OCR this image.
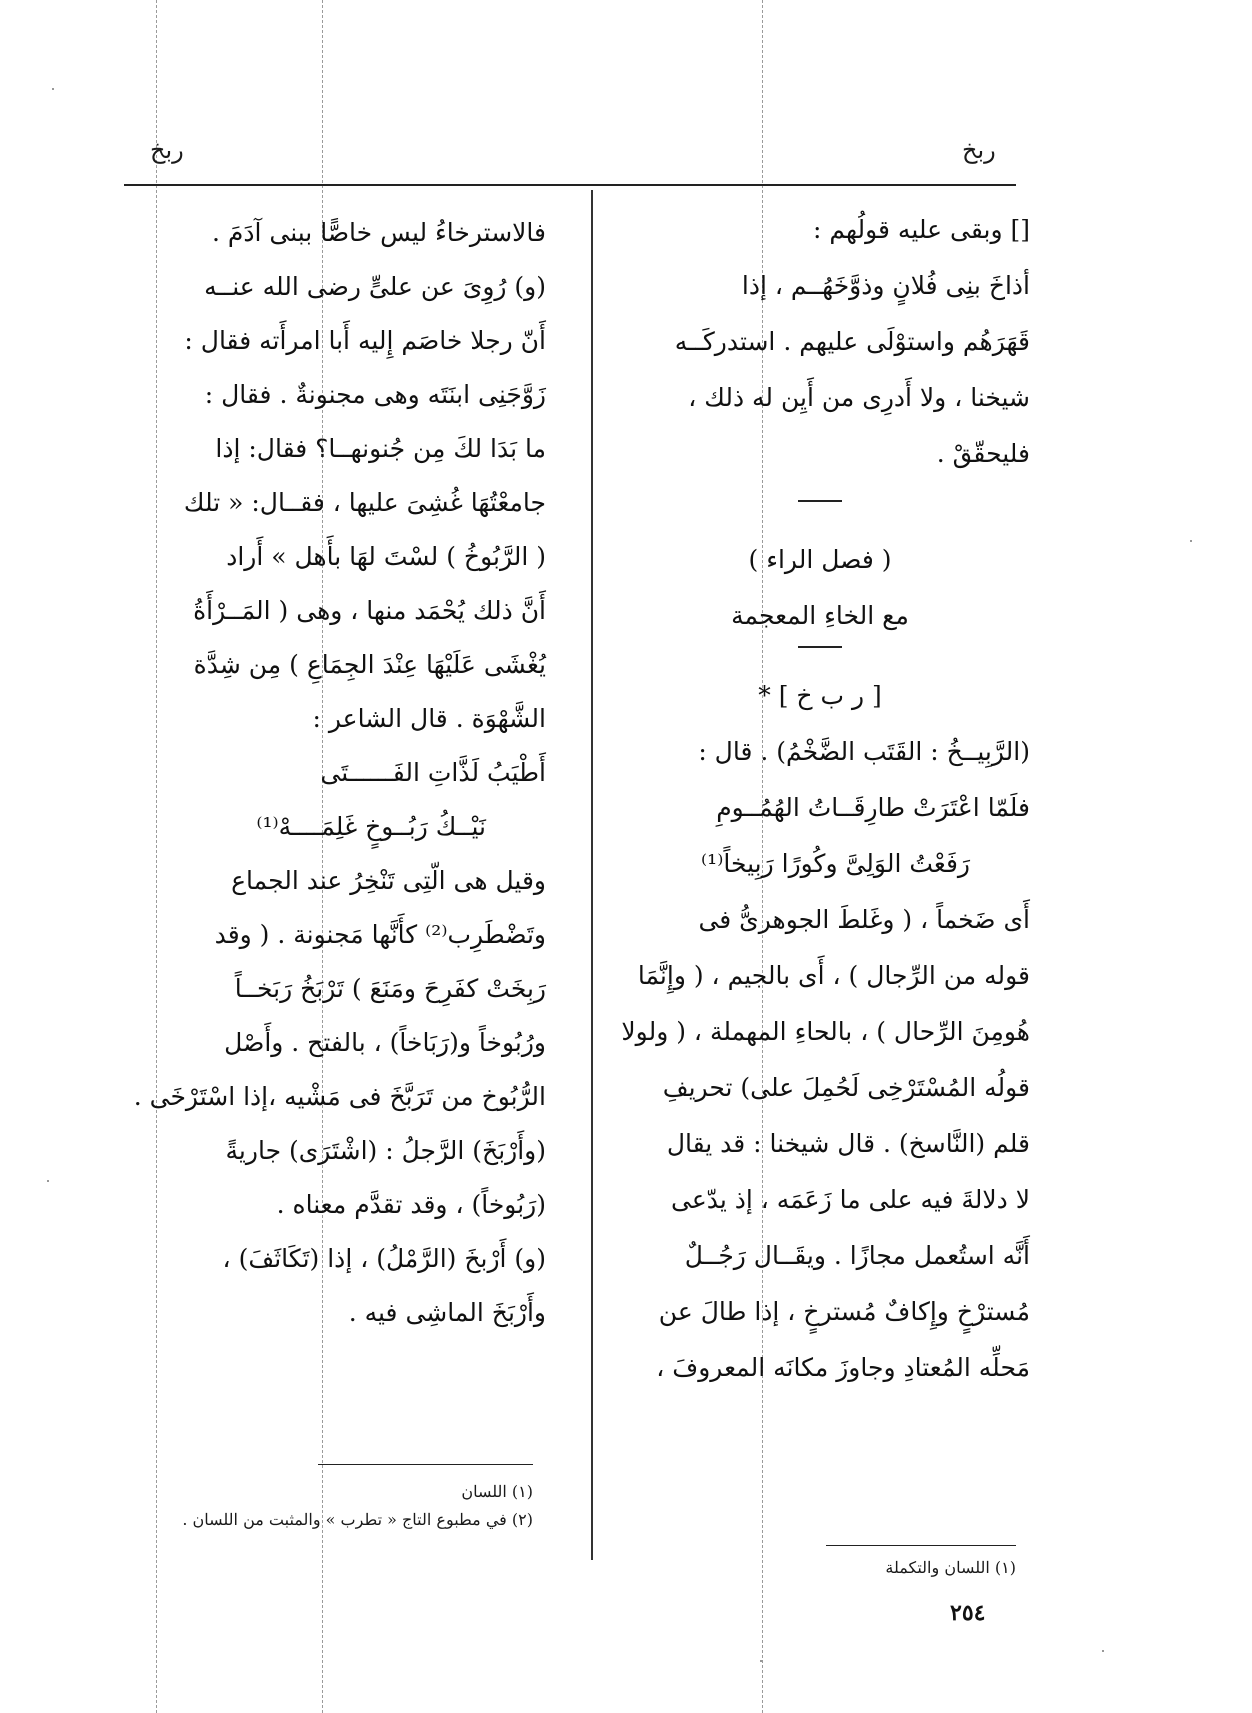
ربخ
ربخ

[] وبقى عليه قولُهم :

أذاخَ بنِى فُلانٍ وذوَّخَهُــم ، إذا

قَهَرَهُم واستوْلَى عليهم . استدركَــه

شيخنا ، ولا أَدرِى من أَيِن له ذلك ،

فليحقّقْ .

( فصل الراء )

مع الخاءِ المعجمة

[ ر ب خ ] *

(الرَّبِيــخُ : القَتَب الضَّخْمُ) . قال :

فلَمّا اعْتَرَتْ طارِقَــاتُ الهُمُــومِ

رَفَعْتُ الوَلِىَّ وكُورًا رَبِيخاً⁽¹⁾

أَى ضَخماً ، ( وغَلطَ الجوهرىُّ فى

قوله من الرِّجال ) ، أَى بالجيم ، ( وإِنَّمَا

هُومِنَ الرِّحال ) ، بالحاءِ المهملة ، ( ولولا

قولُه المُسْتَرْخِى لَحُمِلَ على) تحريفِ

قلم (النَّاسخ) . قال شيخنا : قد يقال

لا دلالةَ فيه على ما زَعَمَه ، إذ يدّعى

أَنَّه استُعمل مجازًا . ويقَــال رَجُــلٌ

مُسترْخٍ وإِكافٌ مُسترخٍ ، إذا طالَ عن

مَحلِّه المُعتادِ وجاوزَ مكانَه المعروفَ ،

فالاسترخاءُ ليس خاصًّا ببنى آدَمَ .

(و) رُوِىَ عن علىٍّ رضى الله عنــه

أَنّ رجلا خاصَم إِليه أَبا امرأَته فقال :

زَوَّجَنِى ابنَتَه وهى مجنونةٌ . فقال :

ما بَدَا لكَ مِن جُنونهــا؟ فقال: إذا

جامعْتُهَا غُشِىَ عليها ، فقــال: « تلك

( الرَّبُوخُ ) لسْتَ لهَا بأَهل » أَراد

أَنَّ ذلك يُحْمَد منها ، وهى ( المَــرْأَةُ

يُغْشَى عَلَيْهَا عِنْدَ الجِمَاعِ ) مِن شِدَّة

الشَّهْوَة . قال الشاعر :

أَطْيَبُ لَذَّاتِ الفَــــــتَى

نَيْــكُ رَبُــوخٍ غَلِمَــــهْ⁽¹⁾

وقيل هى الّتِى تَنْخِرُ عند الجماع

وتَضْطَرِب⁽²⁾ كأَنَّها مَجنونة . ( وقد

رَبِخَتْ كفَرِحَ ومَنَعَ ) تَرْبَخُ رَبَخــاً

ورُبُوخاً و(رَبَاخاً) ، بالفتح . وأَصْل

الرُّبُوخ من تَرَبَّخَ فى مَشْيه ،إذا اسْتَرْخَى .

(وأَرْبَخَ) الرَّجلُ : (اشْتَرَى) جاريةً

(رَبُوخاً) ، وقد تقدَّم معناه .

(و) أَرْبخَ (الرَّمْلُ) ، إذا (تَكَاثَفَ) ،

وأَرْبَخَ الماشِى فيه .

(١) اللسان والتكملة
(١) اللسان
(٢) في مطبوع التاج « تطرب » والمثبت من اللسان .
٢٥٤
